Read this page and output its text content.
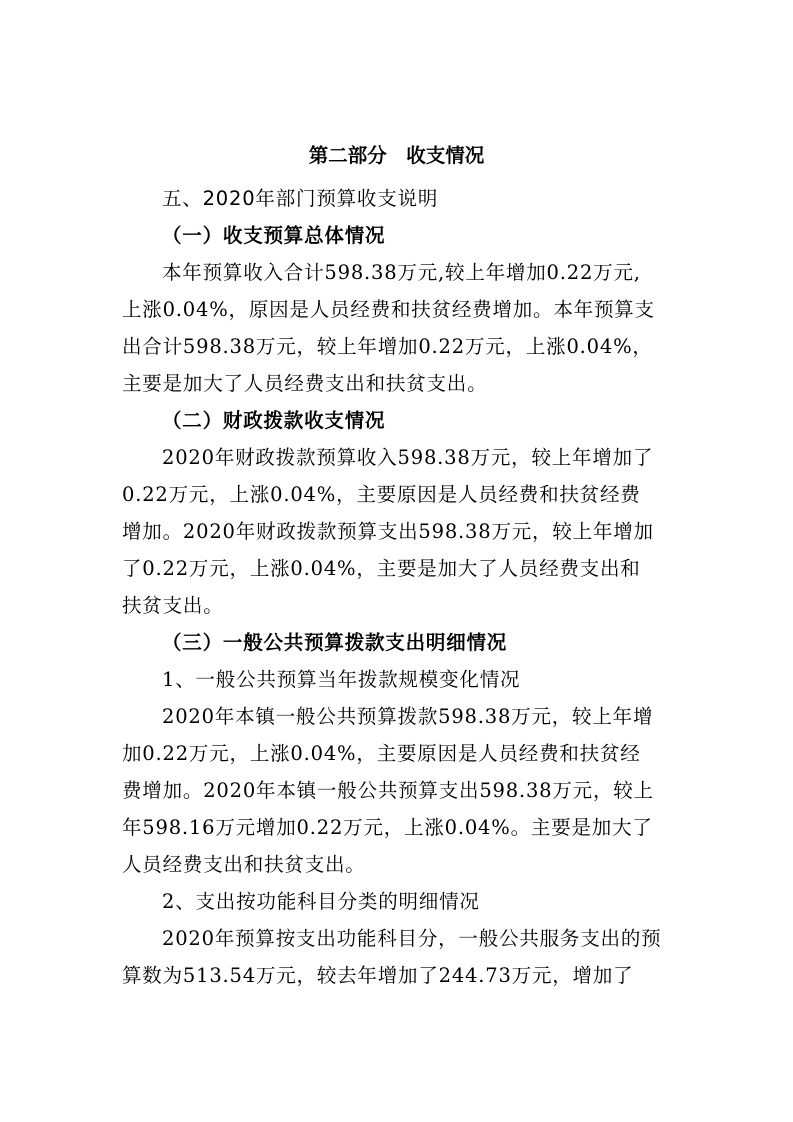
第二部分　收支情况
五、2020年部门预算收支说明
（一）收支预算总体情况
本年预算收入合计598.38万元,较上年增加0.22万元,
上涨0.04%，原因是人员经费和扶贫经费增加。本年预算支
出合计598.38万元，较上年增加0.22万元，上涨0.04%，
主要是加大了人员经费支出和扶贫支出。
（二）财政拨款收支情况
2020年财政拨款预算收入598.38万元，较上年增加了
0.22万元，上涨0.04%，主要原因是人员经费和扶贫经费
增加。2020年财政拨款预算支出598.38万元，较上年增加
了0.22万元，上涨0.04%，主要是加大了人员经费支出和
扶贫支出。
（三）一般公共预算拨款支出明细情况
1、一般公共预算当年拨款规模变化情况
2020年本镇一般公共预算拨款598.38万元，较上年增
加0.22万元，上涨0.04%，主要原因是人员经费和扶贫经
费增加。2020年本镇一般公共预算支出598.38万元，较上
年598.16万元增加0.22万元，上涨0.04%。主要是加大了
人员经费支出和扶贫支出。
2、支出按功能科目分类的明细情况
2020年预算按支出功能科目分，一般公共服务支出的预
算数为513.54万元，较去年增加了244.73万元，增加了
